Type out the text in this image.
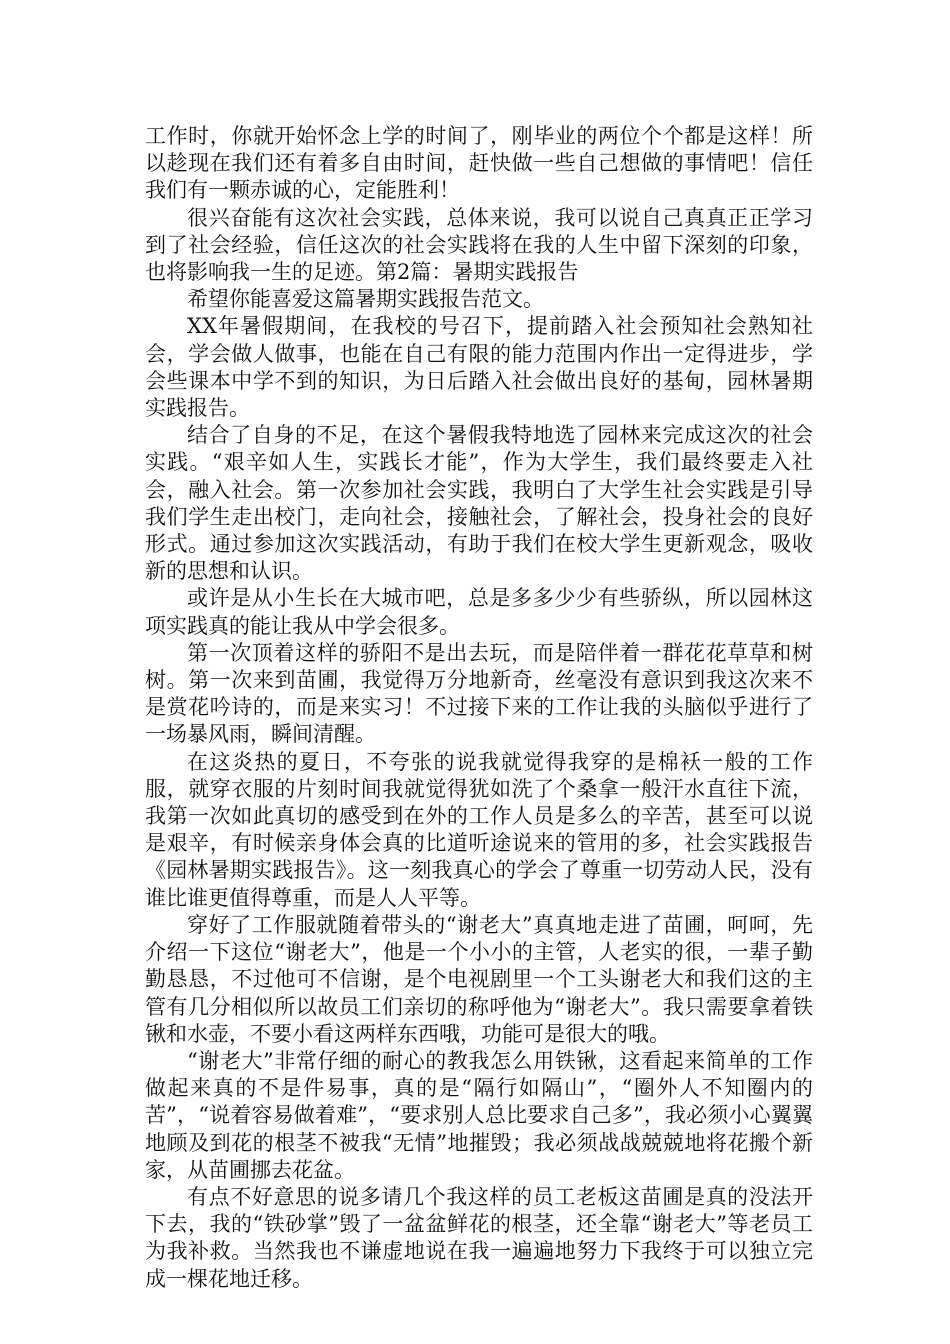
工作时，你就开始怀念上学的时间了，刚毕业的两位个个都是这样！所以趁现在我们还有着多自由时间，赶快做一些自己想做的事情吧！信任我们有一颗赤诚的心，定能胜利！

很兴奋能有这次社会实践，总体来说，我可以说自己真真正正学习到了社会经验，信任这次的社会实践将在我的人生中留下深刻的印象，也将影响我一生的足迹。第2篇：暑期实践报告

希望你能喜爱这篇暑期实践报告范文。

XX年暑假期间，在我校的号召下，提前踏入社会预知社会熟知社会，学会做人做事，也能在自己有限的能力范围内作出一定得进步，学会些课本中学不到的知识，为日后踏入社会做出良好的基甸，园林暑期实践报告。

结合了自身的不足，在这个暑假我特地选了园林来完成这次的社会实践。“艰辛如人生，实践长才能”，作为大学生，我们最终要走入社会，融入社会。第一次参加社会实践，我明白了大学生社会实践是引导我们学生走出校门，走向社会，接触社会，了解社会，投身社会的良好形式。通过参加这次实践活动，有助于我们在校大学生更新观念，吸收新的思想和认识。

或许是从小生长在大城市吧，总是多多少少有些骄纵，所以园林这项实践真的能让我从中学会很多。

第一次顶着这样的骄阳不是出去玩，而是陪伴着一群花花草草和树树。第一次来到苗圃，我觉得万分地新奇，丝毫没有意识到我这次来不是赏花吟诗的，而是来实习！不过接下来的工作让我的头脑似乎进行了一场暴风雨，瞬间清醒。

在这炎热的夏日，不夸张的说我就觉得我穿的是棉袄一般的工作服，就穿衣服的片刻时间我就觉得犹如洗了个桑拿一般汗水直往下流，我第一次如此真切的感受到在外的工作人员是多么的辛苦，甚至可以说是艰辛，有时候亲身体会真的比道听途说来的管用的多，社会实践报告《园林暑期实践报告》。这一刻我真心的学会了尊重一切劳动人民，没有谁比谁更值得尊重，而是人人平等。

穿好了工作服就随着带头的“谢老大”真真地走进了苗圃，呵呵，先介绍一下这位“谢老大”，他是一个小小的主管，人老实的很，一辈子勤勤恳恳，不过他可不信谢，是个电视剧里一个工头谢老大和我们这的主管有几分相似所以故员工们亲切的称呼他为“谢老大”。我只需要拿着铁锹和水壶，不要小看这两样东西哦，功能可是很大的哦。

“谢老大”非常仔细的耐心的教我怎么用铁锹，这看起来简单的工作做起来真的不是件易事，真的是“隔行如隔山”，“圈外人不知圈内的苦”，“说着容易做着难”，“要求别人总比要求自己多”，我必须小心翼翼地顾及到花的根茎不被我“无情”地摧毁；我必须战战兢兢地将花搬个新家，从苗圃挪去花盆。

有点不好意思的说多请几个我这样的员工老板这苗圃是真的没法开下去，我的“铁砂掌”毁了一盆盆鲜花的根茎，还全靠“谢老大”等老员工为我补救。当然我也不谦虚地说在我一遍遍地努力下我终于可以独立完成一棵花地迁移。
